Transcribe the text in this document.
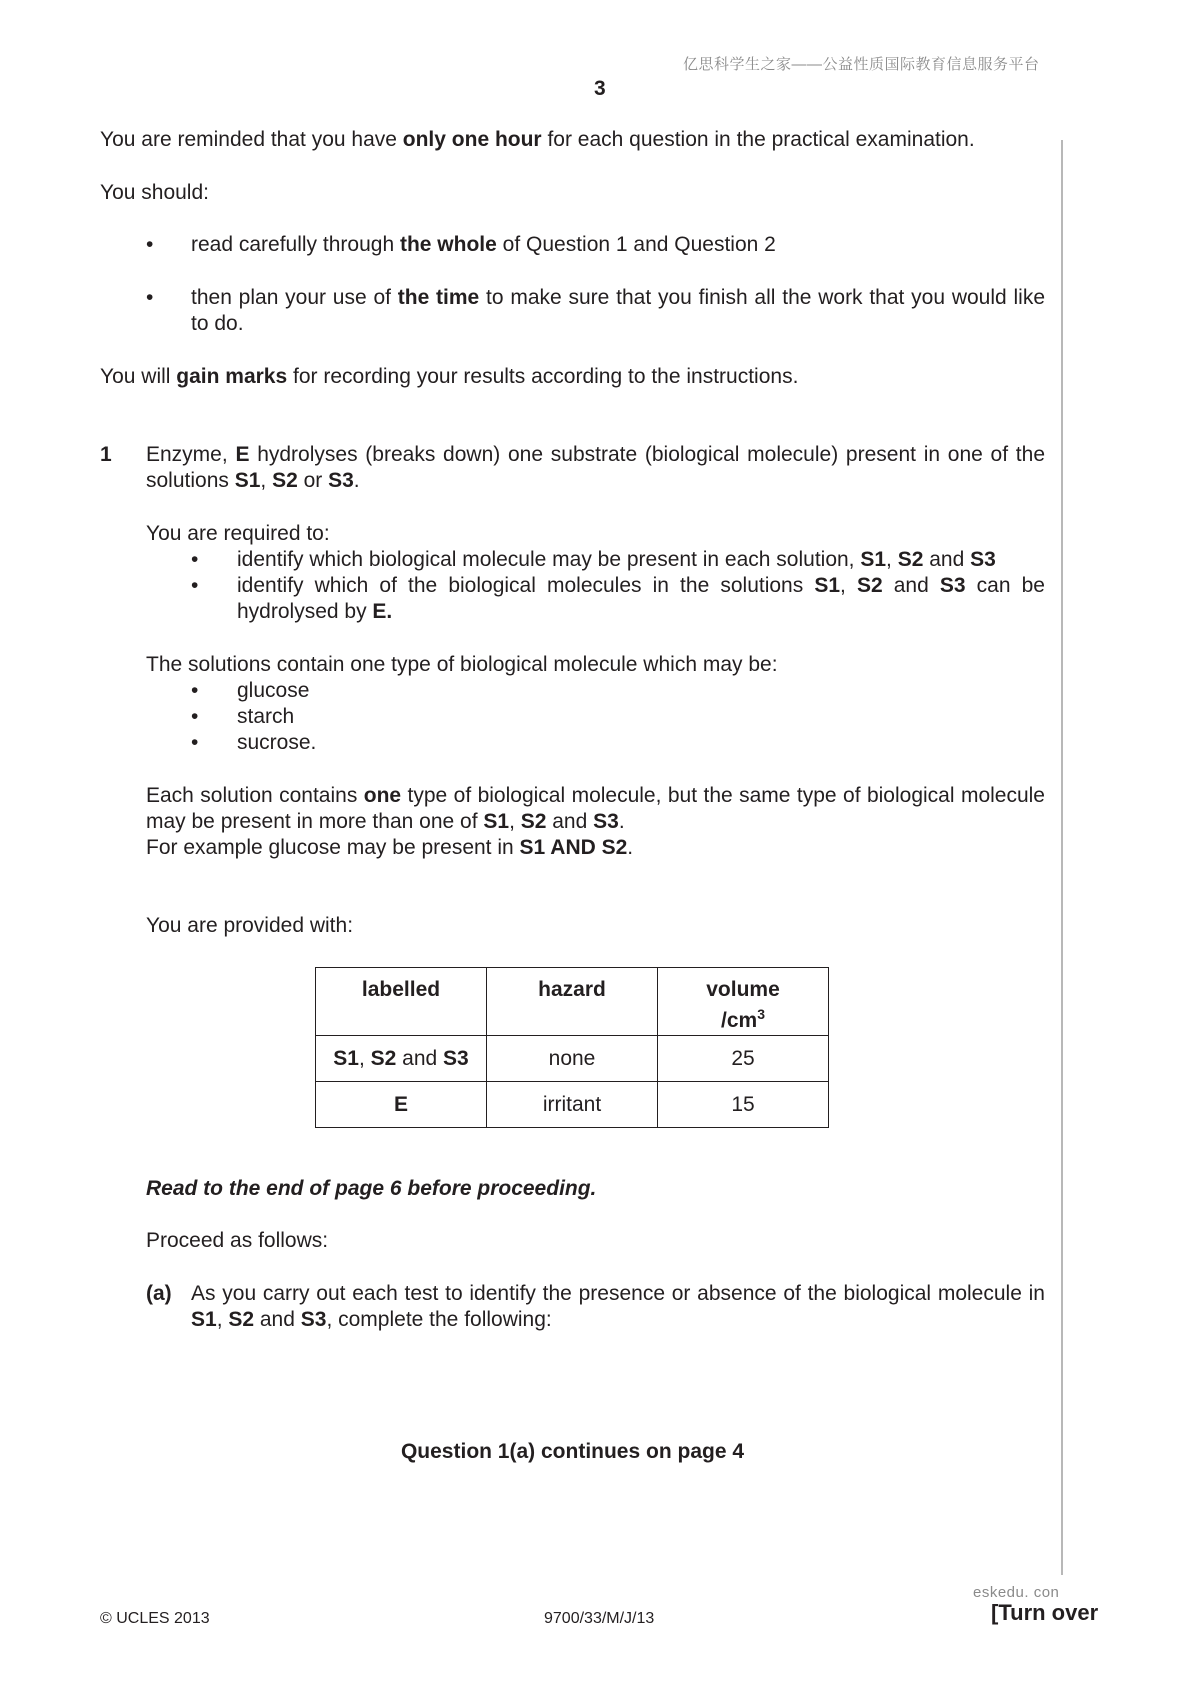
亿思科学生之家——公益性质国际教育信息服务平台
3
You are reminded that you have only one hour for each question in the practical examination.
You should:
• read carefully through the whole of Question 1 and Question 2
• then plan your use of the time to make sure that you finish all the work that you would like to do.
You will gain marks for recording your results according to the instructions.
1 Enzyme, E hydrolyses (breaks down) one substrate (biological molecule) present in one of the solutions S1, S2 or S3.
You are required to:
• identify which biological molecule may be present in each solution, S1, S2 and S3
• identify which of the biological molecules in the solutions S1, S2 and S3 can be hydrolysed by E.
The solutions contain one type of biological molecule which may be:
• glucose
• starch
• sucrose.
Each solution contains one type of biological molecule, but the same type of biological molecule may be present in more than one of S1, S2 and S3.
For example glucose may be present in S1 AND S2.
You are provided with:
labelled	hazard	volume
$/cm^3$
S1, S2 and S3	none	25
E	irritant	15
Read to the end of page 6 before proceeding.
Proceed as follows:
(a) As you carry out each test to identify the presence or absence of the biological molecule in S1, S2 and S3, complete the following:
Question 1(a) continues on page 4
eskedu. con
© UCLES 2013	9700/33/M/J/13	[Turn over
